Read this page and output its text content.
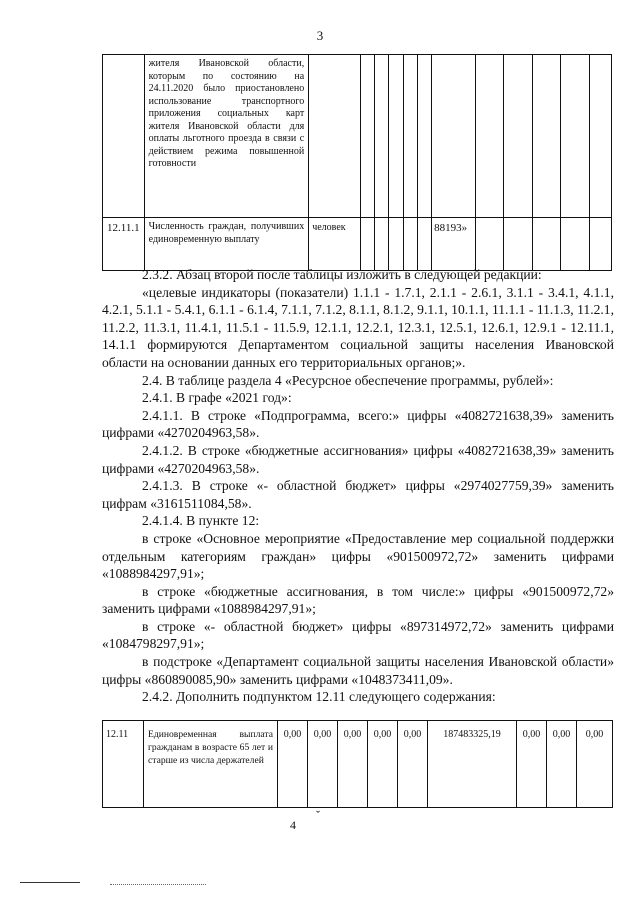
3
	жителя Ивановской области, которым по состоянию на 24.11.2020 было приостановлено использование транспортного приложения социальных карт жителя Ивановской области для оплаты льготного проезда в связи с действием режима повышенной готовности												
12.11.1	Численность граждан, получивших единовременную выплату	человек						88193»					

2.3.2. Абзац второй после таблицы изложить в следующей редакции:

«целевые индикаторы (показатели) 1.1.1 - 1.7.1, 2.1.1 - 2.6.1, 3.1.1 - 3.4.1, 4.1.1, 4.2.1, 5.1.1 - 5.4.1, 6.1.1 - 6.1.4, 7.1.1, 7.1.2, 8.1.1, 8.1.2, 9.1.1, 10.1.1, 11.1.1 - 11.1.3, 11.2.1, 11.2.2, 11.3.1, 11.4.1, 11.5.1 - 11.5.9, 12.1.1, 12.2.1, 12.3.1, 12.5.1, 12.6.1, 12.9.1 - 12.11.1, 14.1.1 формируются Департаментом социальной защиты населения Ивановской области на основании данных его территориальных органов;».

2.4. В таблице раздела 4 «Ресурсное обеспечение программы, рублей»:

2.4.1. В графе «2021 год»:

2.4.1.1. В строке «Подпрограмма, всего:» цифры «4082721638,39» заменить цифрами «4270204963,58».

2.4.1.2. В строке «бюджетные ассигнования» цифры «4082721638,39» заменить цифрами «4270204963,58».

2.4.1.3. В строке «- областной бюджет» цифры «2974027759,39» заменить цифрам «3161511084,58».

2.4.1.4. В пункте 12:

в строке «Основное мероприятие «Предоставление мер социальной поддержки отдельным категориям граждан» цифры «901500972,72» заменить цифрами «1088984297,91»;

в строке «бюджетные ассигнования, в том числе:» цифры «901500972,72» заменить цифрами «1088984297,91»;

в строке «- областной бюджет» цифры «897314972,72» заменить цифрами «1084798297,91»;

в подстроке «Департамент социальной защиты населения Ивановской области» цифры «860890085,90» заменить цифрами «1048373411,09».

2.4.2. Дополнить подпунктом 12.11 следующего содержания:

12.11	Единовременная выплата гражданам в возрасте 65 лет и старше из числа держателей	0,00	0,00	0,00	0,00	0,00	187483325,19	0,00	0,00	0,00
4
ˇ
